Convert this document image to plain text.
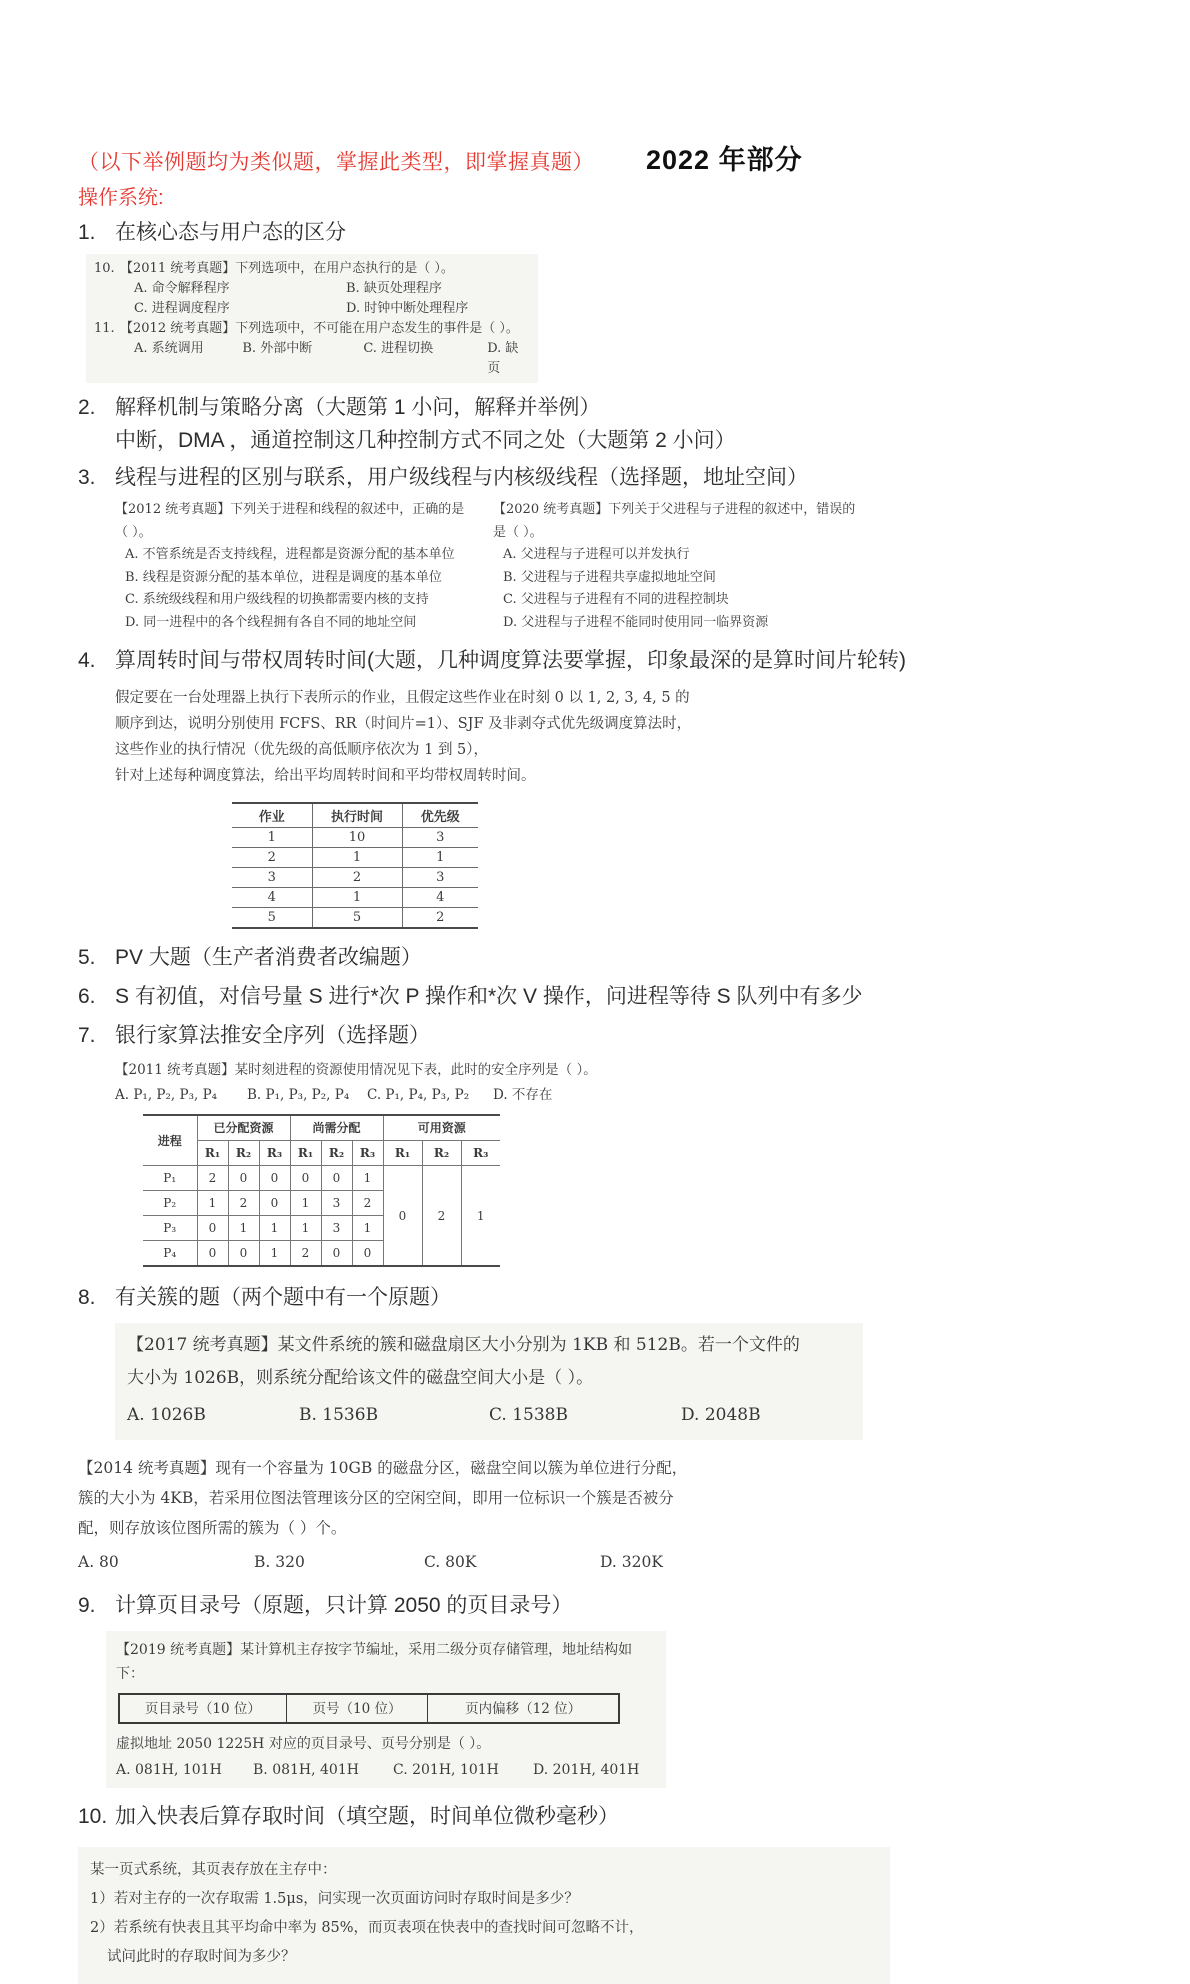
（以下举例题均为类似题，掌握此类型，即掌握真题） 2022 年部分
操作系统:
1. 在核心态与用户态的区分
10. 【2011 统考真题】下列选项中，在用户态执行的是（ ）。
A. 命令解释程序	B. 缺页处理程序
C. 进程调度程序	D. 时钟中断处理程序
11. 【2012 统考真题】下列选项中，不可能在用户态发生的事件是（ ）。
A. 系统调用	B. 外部中断	C. 进程切换	D. 缺页
2. 解释机制与策略分离（大题第 1 小问，解释并举例）
中断，DMA ，通道控制这几种控制方式不同之处（大题第 2 小问）
3. 线程与进程的区别与联系，用户级线程与内核级线程（选择题，地址空间）
【2012 统考真题】下列关于进程和线程的叙述中，正确的是（ ）。
A. 不管系统是否支持线程，进程都是资源分配的基本单位
B. 线程是资源分配的基本单位，进程是调度的基本单位
C. 系统级线程和用户级线程的切换都需要内核的支持
D. 同一进程中的各个线程拥有各自不同的地址空间
【2020 统考真题】下列关于父进程与子进程的叙述中，错误的是（ ）。
A. 父进程与子进程可以并发执行
B. 父进程与子进程共享虚拟地址空间
C. 父进程与子进程有不同的进程控制块
D. 父进程与子进程不能同时使用同一临界资源
4. 算周转时间与带权周转时间(大题，几种调度算法要掌握，印象最深的是算时间片轮转)
假定要在一台处理器上执行下表所示的作业，且假定这些作业在时刻 0 以 1, 2, 3, 4, 5 的
顺序到达，说明分别使用 FCFS、RR（时间片=1）、SJF 及非剥夺式优先级调度算法时，
这些作业的执行情况（优先级的高低顺序依次为 1 到 5），
针对上述每种调度算法，给出平均周转时间和平均带权周转时间。
作业	执行时间	优先级
1	10	3
2	1	1
3	2	3
4	1	4
5	5	2
5. PV 大题（生产者消费者改编题）
6. S 有初值，对信号量 S 进行*次 P 操作和*次 V 操作，问进程等待 S 队列中有多少
7. 银行家算法推安全序列（选择题）
【2011 统考真题】某时刻进程的资源使用情况见下表，此时的安全序列是（ ）。
A. P₁, P₂, P₃, P₄	B. P₁, P₃, P₂, P₄	C. P₁, P₄, P₃, P₂	D. 不存在
进程	已分配资源			尚需分配			可用资源		
	R₁	R₂	R₃	R₁	R₂	R₃	R₁	R₂	R₃
P₁	2	0	0	0	0	1	0	2	1
P₂	1	2	0	1	3	2			
P₃	0	1	1	1	3	1			
P₄	0	0	1	2	0	0			
8. 有关簇的题（两个题中有一个原题）
【2017 统考真题】某文件系统的簇和磁盘扇区大小分别为 1KB 和 512B。若一个文件的
大小为 1026B，则系统分配给该文件的磁盘空间大小是（ ）。
A. 1026B	B. 1536B	C. 1538B	D. 2048B
【2014 统考真题】现有一个容量为 10GB 的磁盘分区，磁盘空间以簇为单位进行分配，
簇的大小为 4KB，若采用位图法管理该分区的空闲空间，即用一位标识一个簇是否被分
配，则存放该位图所需的簇为（ ）个。
A. 80	B. 320	C. 80K	D. 320K
9. 计算页目录号（原题，只计算 2050 的页目录号）
【2019 统考真题】某计算机主存按字节编址，采用二级分页存储管理，地址结构如下：
页目录号（10 位）	页号（10 位）	页内偏移（12 位）
虚拟地址 2050 1225H 对应的页目录号、页号分别是（ ）。
A. 081H, 101H	B. 081H, 401H	C. 201H, 101H	D. 201H, 401H
10. 加入快表后算存取时间（填空题，时间单位微秒毫秒）
某一页式系统，其页表存放在主存中：
1）若对主存的一次存取需 1.5μs，问实现一次页面访问时存取时间是多少？
2）若系统有快表且其平均命中率为 85%，而页表项在快表中的查找时间可忽略不计，
试问此时的存取时间为多少？
